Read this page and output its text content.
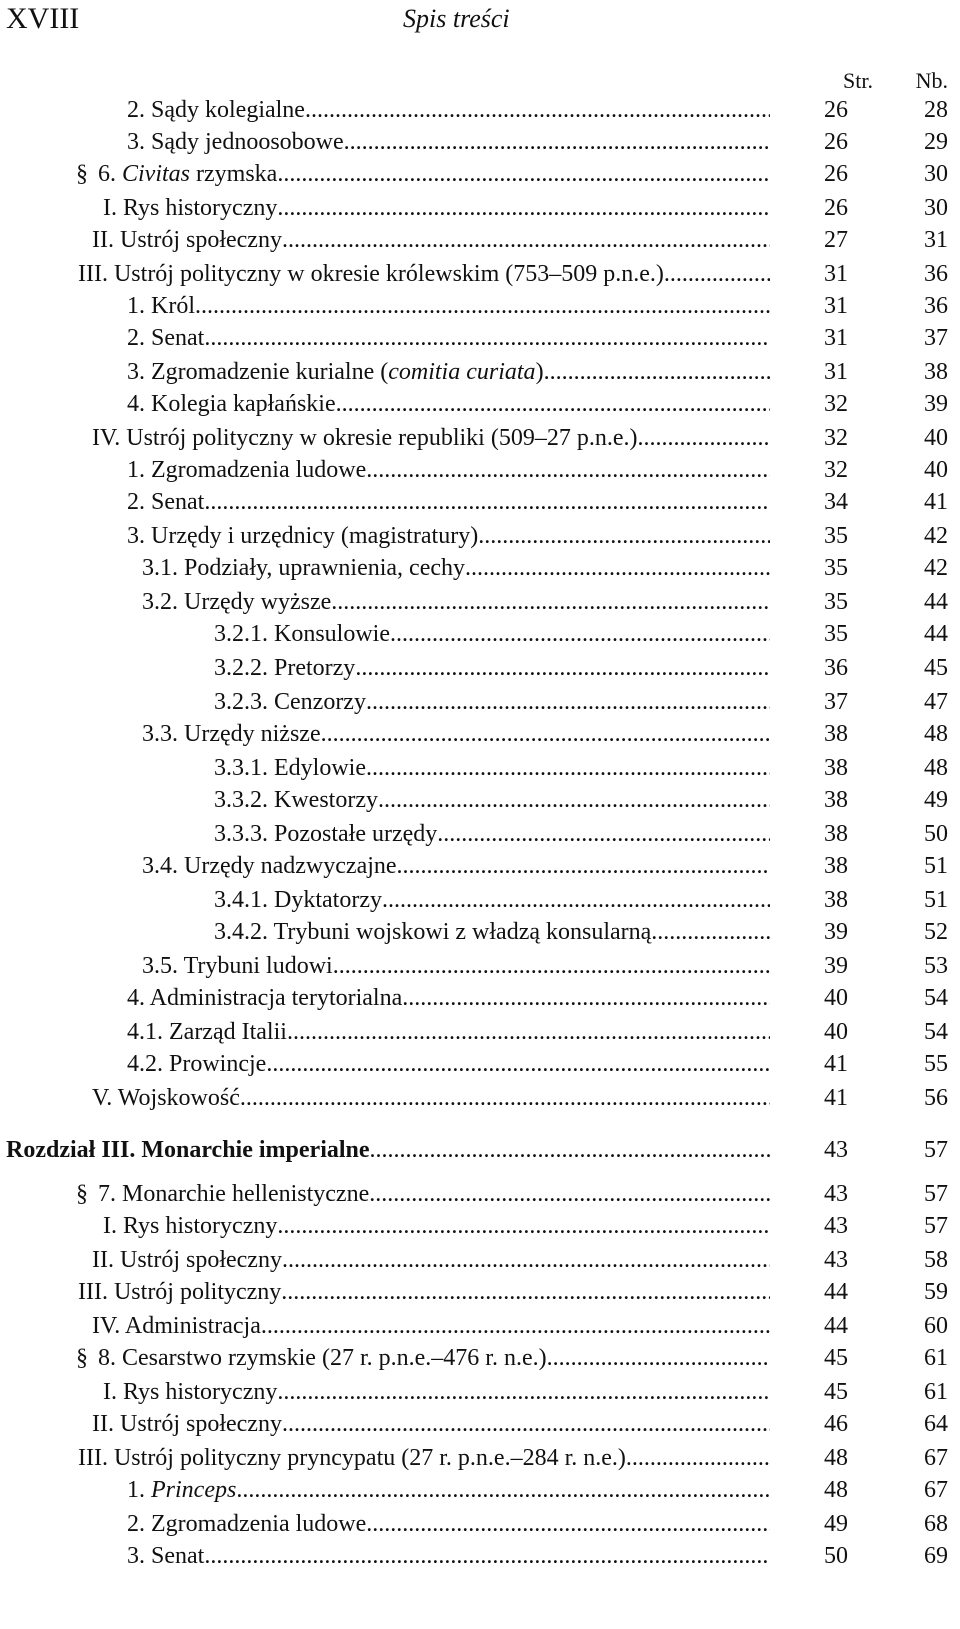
XVIII	Spis treści
Str. Nb.
2. Sądy kolegialne .....	26	28
3. Sądy jednoosobowe .....	26	29
§ 6. Civitas rzymska .....	26	30
I. Rys historyczny .....	26	30
II. Ustrój społeczny .....	27	31
III. Ustrój polityczny w okresie królewskim (753–509 p.n.e.). .....	31	36
1. Król .....	31	36
2. Senat .....	31	37
3. Zgromadzenie kurialne (comitia curiata) .....	31	38
4. Kolegia kapłańskie .....	32	39
IV. Ustrój polityczny w okresie republiki (509–27 p.n.e.) .....	32	40
1. Zgromadzenia ludowe .....	32	40
2. Senat .....	34	41
3. Urzędy i urzędnicy (magistratury) .....	35	42
3.1. Podziały, uprawnienia, cechy .....	35	42
3.2. Urzędy wyższe .....	35	44
3.2.1. Konsulowie .....	35	44
3.2.2. Pretorzy .....	36	45
3.2.3. Cenzorzy .....	37	47
3.3. Urzędy niższe .....	38	48
3.3.1. Edylowie .....	38	48
3.3.2. Kwestorzy .....	38	49
3.3.3. Pozostałe urzędy .....	38	50
3.4. Urzędy nadzwyczajne .....	38	51
3.4.1. Dyktatorzy .....	38	51
3.4.2. Trybuni wojskowi z władzą konsularną .....	39	52
3.5. Trybuni ludowi .....	39	53
4. Administracja terytorialna .....	40	54
4.1. Zarząd Italii .....	40	54
4.2. Prowincje .....	41	55
V. Wojskowość .....	41	56
Rozdział III. Monarchie imperialne .....	43	57
§ 7. Monarchie hellenistyczne .....	43	57
I. Rys historyczny .....	43	57
II. Ustrój społeczny .....	43	58
III. Ustrój polityczny .....	44	59
IV. Administracja .....	44	60
§ 8. Cesarstwo rzymskie (27 r. p.n.e.–476 r. n.e.) .....	45	61
I. Rys historyczny .....	45	61
II. Ustrój społeczny .....	46	64
III. Ustrój polityczny pryncypatu (27 r. p.n.e.–284 r. n.e.) .....	48	67
1. Princeps .....	48	67
2. Zgromadzenia ludowe .....	49	68
3. Senat .....	50	69
